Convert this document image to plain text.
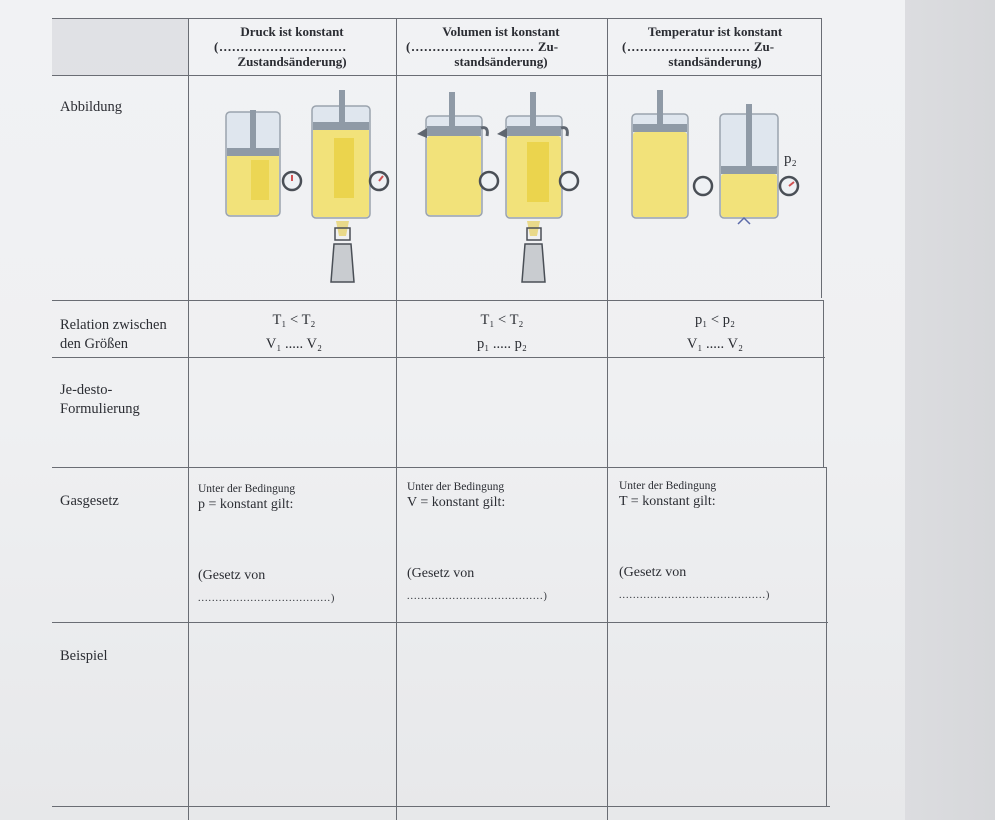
Druck ist konstant
(..............................
Zustandsänderung)
Volumen ist konstant
(............................. Zu-
standsänderung)
Temperatur ist konstant
(............................. Zu-
standsänderung)
Abbildung
Relation zwischen
den Größen
Je-desto-
Formulierung
Gasgesetz
Beispiel
T₁ < T₂
V₁ ..... V₂
T₁ < T₂
p₁ ..... p₂
p₁ < p₂
V₁ ..... V₂
Unter der Bedingung
p = konstant gilt:
(Gesetz von
......................................)
Unter der Bedingung
V = konstant gilt:
(Gesetz von
.......................................)
Unter der Bedingung
T = konstant gilt:
(Gesetz von
..........................................)
p₂
